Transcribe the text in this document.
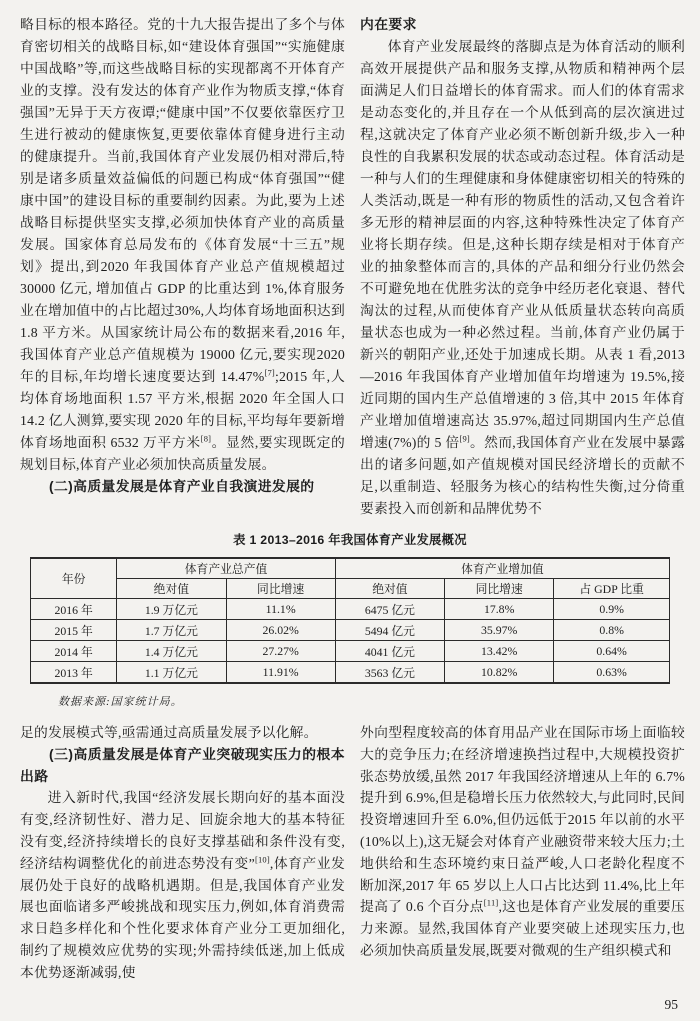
略目标的根本路径。党的十九大报告提出了多个与体育密切相关的战略目标,如“建设体育强国”“实施健康中国战略”等,而这些战略目标的实现都离不开体育产业的支撑。没有发达的体育产业作为物质支撑,“体育强国”无异于天方夜谭;“健康中国”不仅要依靠医疗卫生进行被动的健康恢复,更要依靠体育健身进行主动的健康提升。当前,我国体育产业发展仍相对滞后,特别是诸多质量效益偏低的问题已构成“体育强国”“健康中国”的建设目标的重要制约因素。为此,要为上述战略目标提供坚实支撑,必须加快体育产业的高质量发展。国家体育总局发布的《体育发展“十三五”规划》提出,到2020 年我国体育产业总产值规模超过 30000 亿元, 增加值占 GDP 的比重达到 1%,体育服务业在增加值中的占比超过30%,人均体育场地面积达到 1.8 平方米。从国家统计局公布的数据来看,2016 年,我国体育产业总产值规模为 19000 亿元,要实现2020年的目标,年均增长速度要达到 14.47%[7];2015 年,人均体育场地面积 1.57 平方米,根据 2020 年全国人口 14.2 亿人测算,要实现 2020 年的目标,平均每年要新增体育场地面积 6532 万平方米[8]。显然,要实现既定的规划目标,体育产业必须加快高质量发展。

(二)高质量发展是体育产业自我演进发展的

内在要求

体育产业发展最终的落脚点是为体育活动的顺利高效开展提供产品和服务支撑,从物质和精神两个层面满足人们日益增长的体育需求。而人们的体育需求是动态变化的,并且存在一个从低到高的层次演进过程,这就决定了体育产业必须不断创新升级,步入一种良性的自我累积发展的状态或动态过程。体育活动是一种与人们的生理健康和身体健康密切相关的特殊的人类活动,既是一种有形的物质性的活动,又包含着许多无形的精神层面的内容,这种特殊性决定了体育产业将长期存续。但是,这种长期存续是相对于体育产业的抽象整体而言的,具体的产品和细分行业仍然会不可避免地在优胜劣汰的竞争中经历老化衰退、替代淘汰的过程,从而使体育产业从低质量状态转向高质量状态也成为一种必然过程。当前,体育产业仍属于新兴的朝阳产业,还处于加速成长期。从表 1 看,2013—2016 年我国体育产业增加值年均增速为 19.5%,接近同期的国内生产总值增速的 3 倍,其中 2015 年体育产业增加值增速高达 35.97%,超过同期国内生产总值增速(7%)的 5 倍[9]。然而,我国体育产业在发展中暴露出的诸多问题,如产值规模对国民经济增长的贡献不足,以重制造、轻服务为核心的结构性失衡,过分倚重要素投入而创新和品牌优势不

表 1 2013–2016 年我国体育产业发展概况
年份	体育产业总产值		体育产业增加值		
	绝对值	同比增速	绝对值	同比增速	占 GDP 比重
2016 年	1.9 万亿元	11.1%	6475 亿元	17.8%	0.9%
2015 年	1.7 万亿元	26.02%	5494 亿元	35.97%	0.8%
2014 年	1.4 万亿元	27.27%	4041 亿元	13.42%	0.64%
2013 年	1.1 万亿元	11.91%	3563 亿元	10.82%	0.63%
数据来源:国家统计局。

足的发展模式等,亟需通过高质量发展予以化解。

(三)高质量发展是体育产业突破现实压力的根本出路

进入新时代,我国“经济发展长期向好的基本面没有变,经济韧性好、潜力足、回旋余地大的基本特征没有变,经济持续增长的良好支撑基础和条件没有变,经济结构调整优化的前进态势没有变”[10],体育产业发展仍处于良好的战略机遇期。但是,我国体育产业发展也面临诸多严峻挑战和现实压力,例如,体育消费需求日趋多样化和个性化要求体育产业分工更加细化,制约了规模效应优势的实现;外需持续低迷,加上低成本优势逐渐减弱,使

外向型程度较高的体育用品产业在国际市场上面临较大的竞争压力;在经济增速换挡过程中,大规模投资扩张态势放缓,虽然 2017 年我国经济增速从上年的 6.7%提升到 6.9%,但是稳增长压力依然较大,与此同时,民间投资增速回升至 6.0%,但仍远低于2015 年以前的水平(10%以上),这无疑会对体育产业融资带来较大压力;土地供给和生态环境约束日益严峻,人口老龄化程度不断加深,2017 年 65 岁以上人口占比达到 11.4%,比上年提高了 0.6 个百分点[11],这也是体育产业发展的重要压力来源。显然,我国体育产业要突破上述现实压力,也必须加快高质量发展,既要对微观的生产组织模式和

95
